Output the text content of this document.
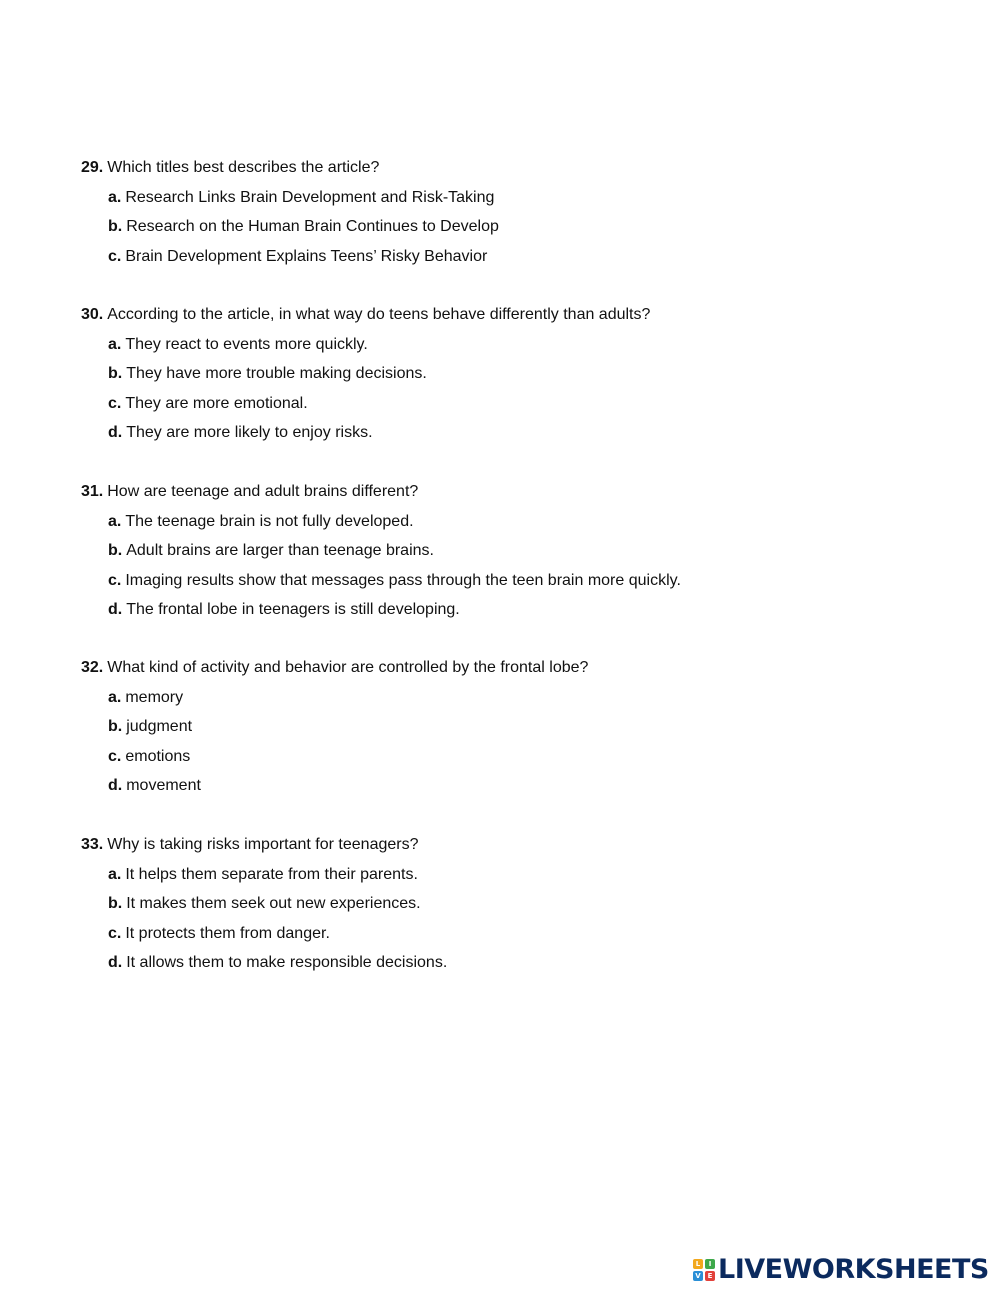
29. Which titles best describes the article?
a. Research Links Brain Development and Risk-Taking
b. Research on the Human Brain Continues to Develop
c. Brain Development Explains Teens’ Risky Behavior
30. According to the article, in what way do teens behave differently than adults?
a. They react to events more quickly.
b. They have more trouble making decisions.
c. They are more emotional.
d. They are more likely to enjoy risks.
31. How are teenage and adult brains different?
a. The teenage brain is not fully developed.
b. Adult brains are larger than teenage brains.
c. Imaging results show that messages pass through the teen brain more quickly.
d. The frontal lobe in teenagers is still developing.
32. What kind of activity and behavior are controlled by the frontal lobe?
a. memory
b. judgment
c. emotions
d. movement
33. Why is taking risks important for teenagers?
a. It helps them separate from their parents.
b. It makes them seek out new experiences.
c. It protects them from danger.
d. It allows them to make responsible decisions.
L	I
V E LIVEWORKSHEETS
